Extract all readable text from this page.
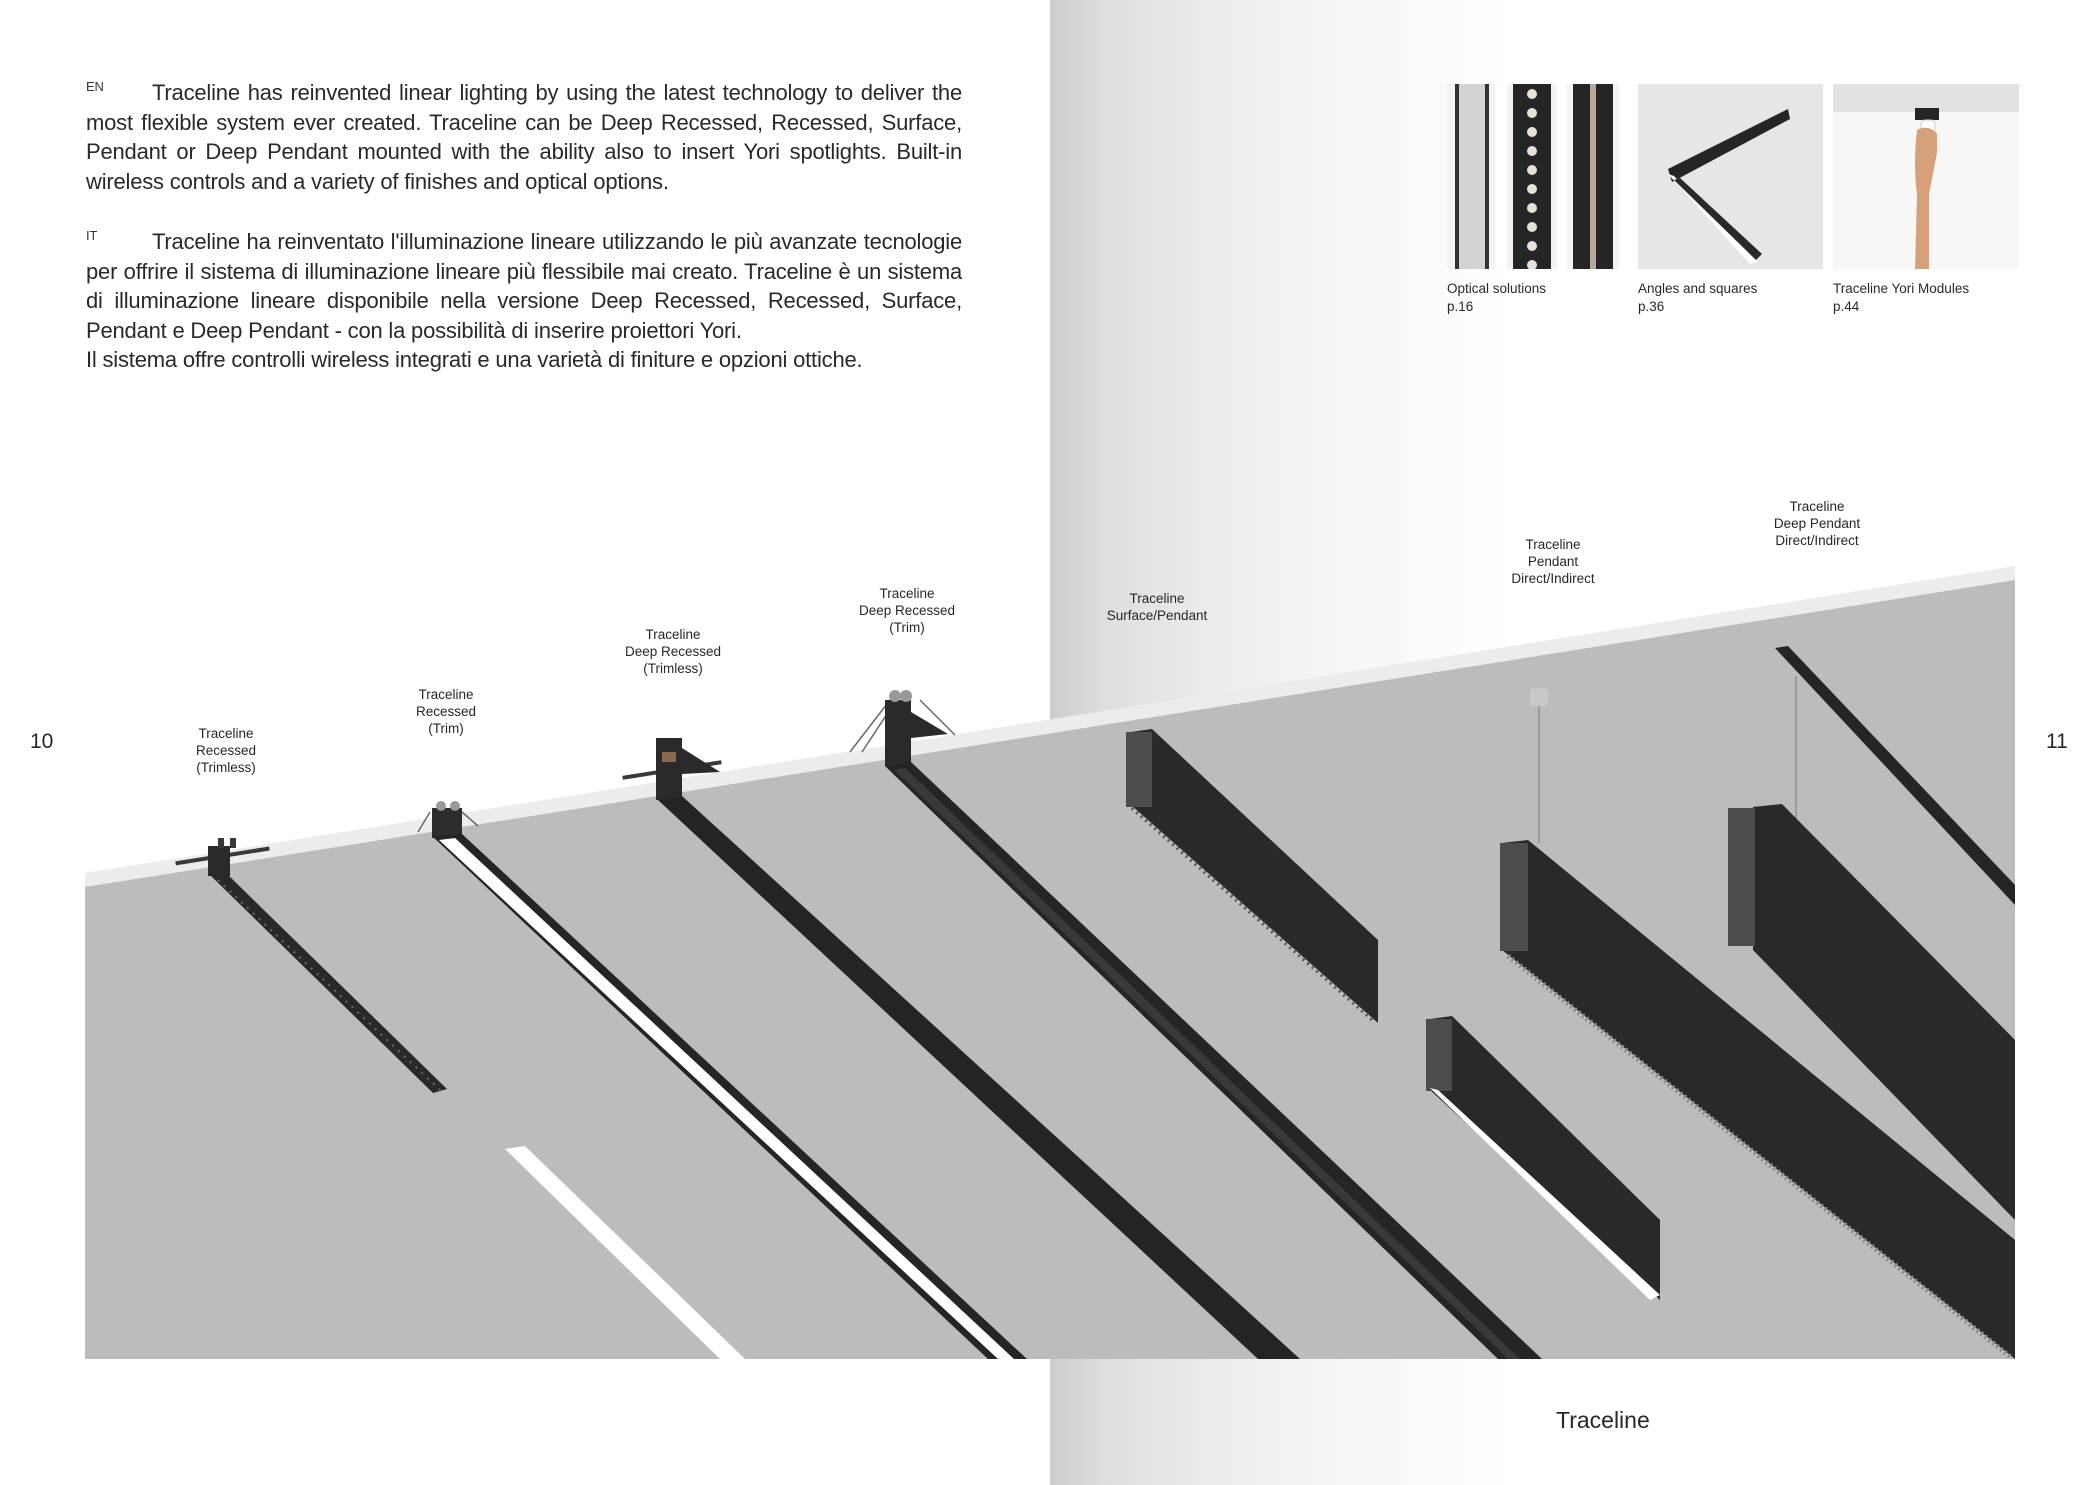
EN	Traceline has reinvented linear lighting by using the latest technology to deliver the most flexible system ever created. Traceline can be Deep Recessed, Recessed, Surface, Pendant or Deep Pendant mounted with the ability also to insert Yori spotlights. Built-in wireless controls and a variety of finishes and optical options.
IT	Traceline ha reinventato l'illuminazione lineare utilizzando le più avanzate tecnologie per offrire il sistema di illuminazione lineare più flessibile mai creato. Traceline è un sistema di illuminazione lineare disponibile nella versione Deep Recessed, Recessed, Surface, Pendant e Deep Pendant - con la possibilità di inserire proiettori Yori.
Il sistema offre controlli wireless integrati e una varietà di finiture e opzioni ottiche.
Optical solutions
p.16
Angles and squares
p.36
Traceline Yori Modules
p.44
Traceline
Recessed
(Trimless)
Traceline
Recessed
(Trim)
Traceline
Deep Recessed
(Trimless)
Traceline
Deep Recessed
(Trim)
Traceline
Surface/Pendant
Traceline
Pendant
Direct/Indirect
Traceline
Deep Pendant
Direct/Indirect
10	11
Traceline
